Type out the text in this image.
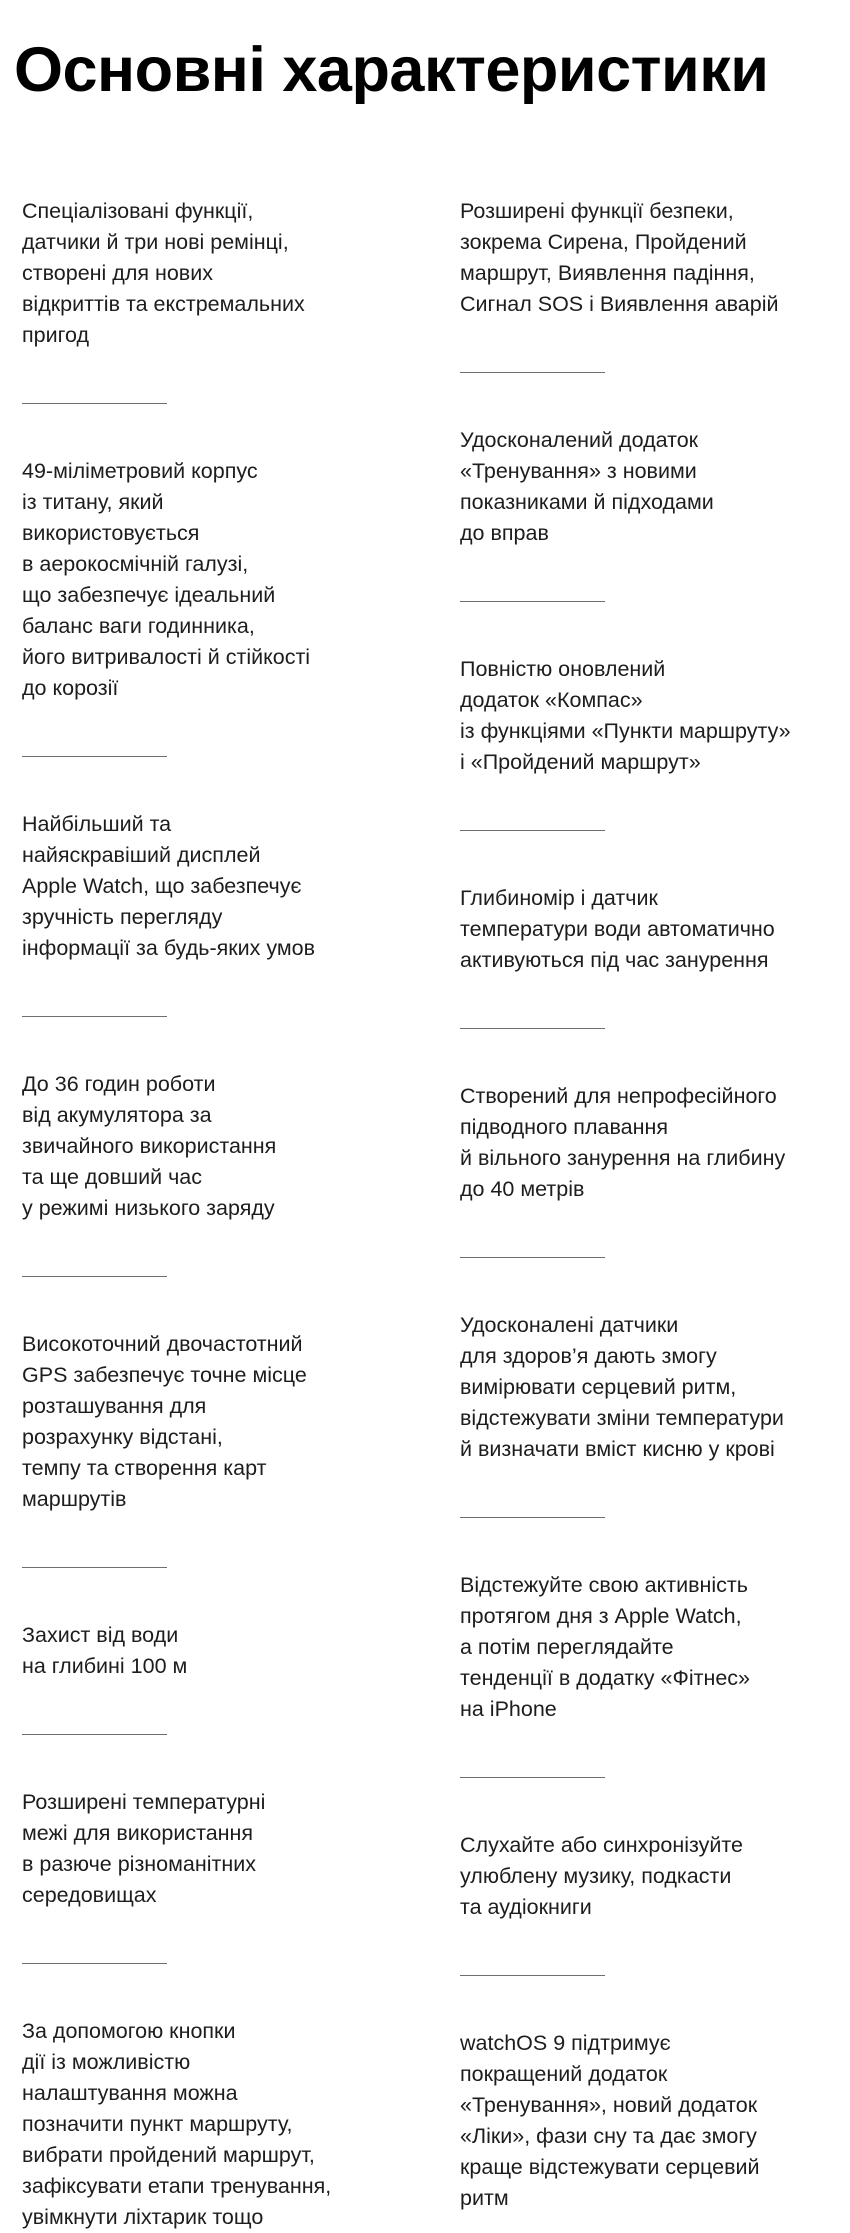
Основні характеристики

Спеціалізовані функції,
датчики й три нові ремінці,
створені для нових
відкриттів та екстремальних
пригод

49-міліметровий корпус
із титану, який
використовується
в аерокосмічній галузі,
що забезпечує ідеальний
баланс ваги годинника,
його витривалості й стійкості
до корозії

Найбільший та
найяскравіший дисплей
Apple Watch, що забезпечує
зручність перегляду
інформації за будь-яких умов

До 36 годин роботи
від акумулятора за
звичайного використання
та ще довший час
у режимі низького заряду

Високоточний двочастотний
GPS забезпечує точне місце
розташування для
розрахунку відстані,
темпу та створення карт
маршрутів

Захист від води
на глибині 100 м

Розширені температурні
межі для використання
в разюче різноманітних
середовищах

За допомогою кнопки
дії із можливістю
налаштування можна
позначити пункт маршруту,
вибрати пройдений маршрут,
зафіксувати етапи тренування,
увімкнути ліхтарик тощо

Розширені функції безпеки,
зокрема Сирена, Пройдений
маршрут, Виявлення падіння,
Сигнал SOS і Виявлення аварій

Удосконалений додаток
«Тренування» з новими
показниками й підходами
до вправ

Повністю оновлений
додаток «Компас»
із функціями «Пункти маршруту»
і «Пройдений маршрут»

Глибиномір і датчик
температури води автоматично
активуються під час занурення

Створений для непрофесійного
підводного плавання
й вільного занурення на глибину
до 40 метрів

Удосконалені датчики
для здоров’я дають змогу
вимірювати серцевий ритм,
відстежувати зміни температури
й визначати вміст кисню у крові

Відстежуйте свою активність
протягом дня з Apple Watch,
а потім переглядайте
тенденції в додатку «Фітнес»
на iPhone

Слухайте або синхронізуйте
улюблену музику, подкасти
та аудіокниги

watchOS 9 підтримує
покращений додаток
«Тренування», новий додаток
«Ліки», фази сну та дає змогу
краще відстежувати серцевий
ритм
